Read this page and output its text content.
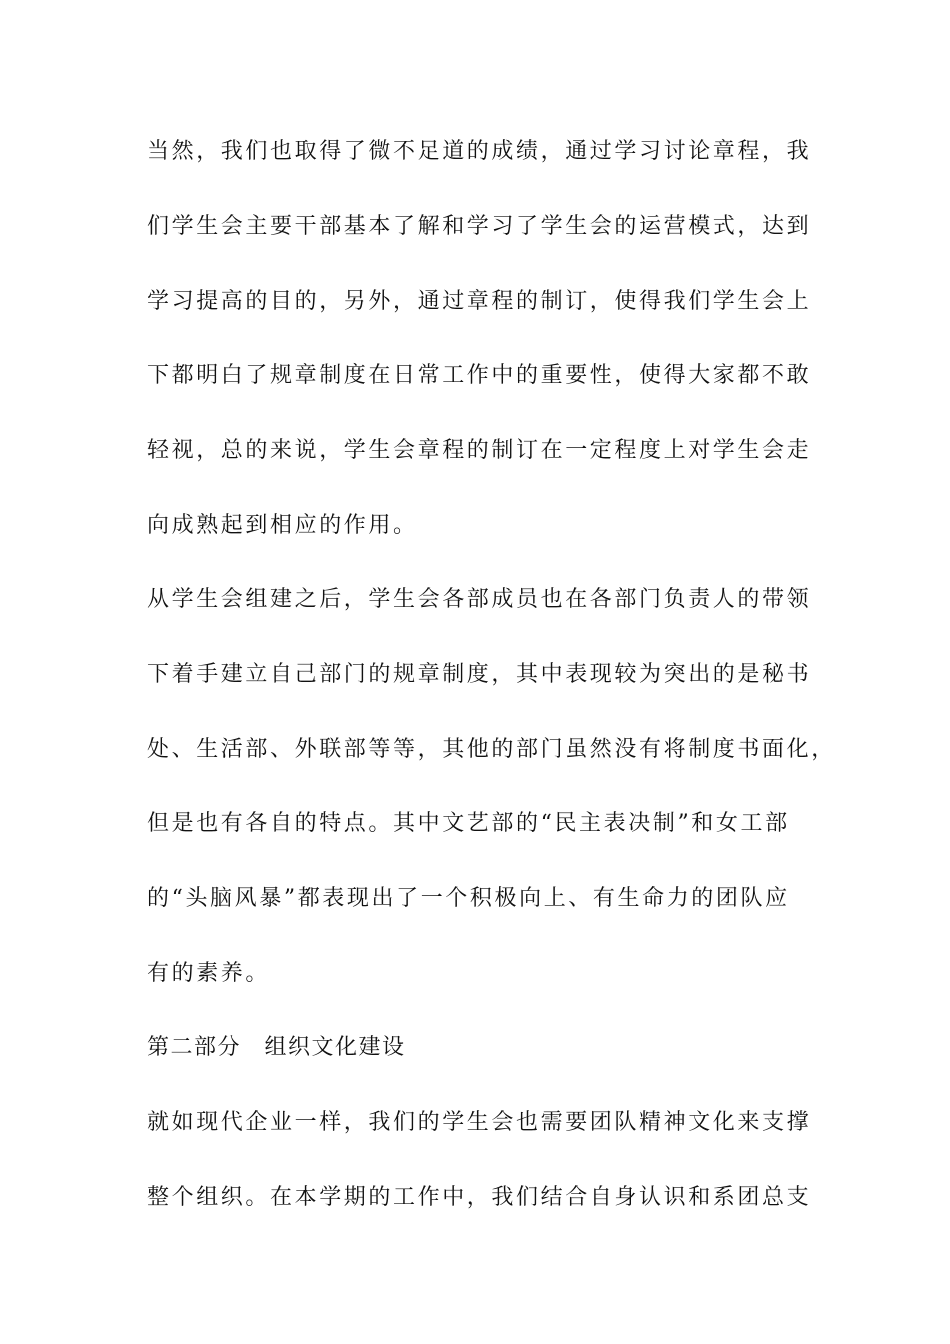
当然，我们也取得了微不足道的成绩，通过学习讨论章程，我
们学生会主要干部基本了解和学习了学生会的运营模式，达到
学习提高的目的，另外，通过章程的制订，使得我们学生会上
下都明白了规章制度在日常工作中的重要性，使得大家都不敢
轻视，总的来说，学生会章程的制订在一定程度上对学生会走
向成熟起到相应的作用。
从学生会组建之后，学生会各部成员也在各部门负责人的带领
下着手建立自己部门的规章制度，其中表现较为突出的是秘书
处、生活部、外联部等等，其他的部门虽然没有将制度书面化，
但是也有各自的特点。其中文艺部的“民主表决制”和女工部
的“头脑风暴”都表现出了一个积极向上、有生命力的团队应
有的素养。
第二部分　组织文化建设
就如现代企业一样，我们的学生会也需要团队精神文化来支撑
整个组织。在本学期的工作中，我们结合自身认识和系团总支
